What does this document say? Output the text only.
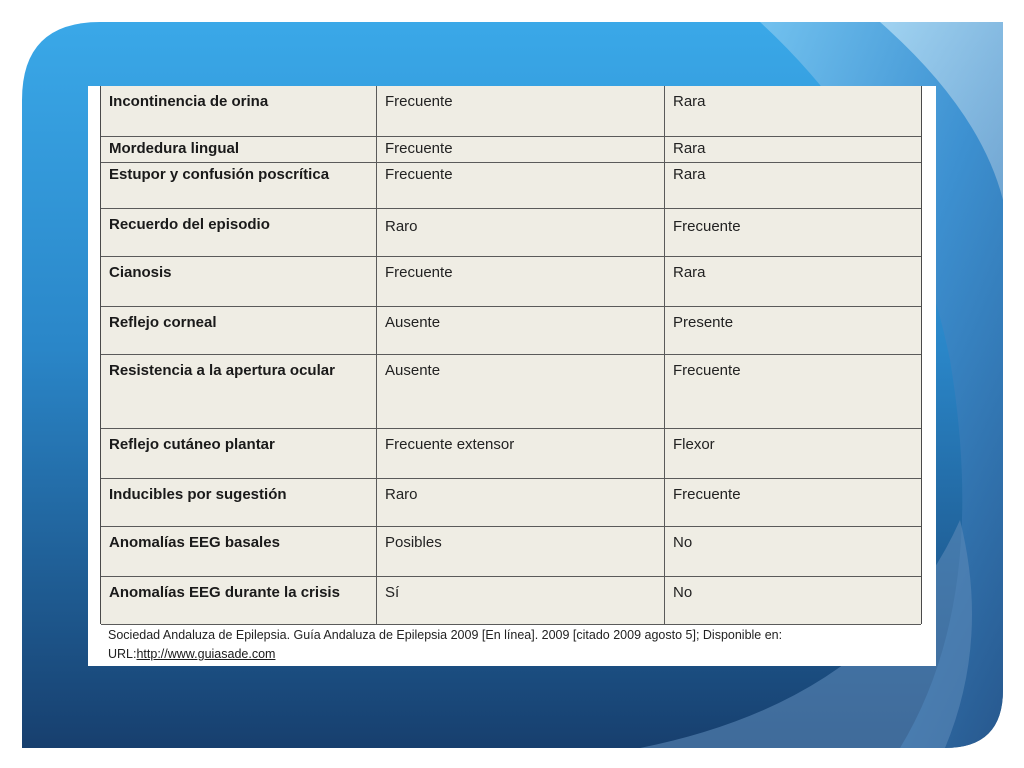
Incontinencia de orina	Frecuente	Rara
Mordedura lingual	Frecuente	Rara
Estupor y confusión poscrítica	Frecuente	Rara
Recuerdo del episodio	Raro	Frecuente
Cianosis	Frecuente	Rara
Reflejo corneal	Ausente	Presente
Resistencia a la apertura ocular	Ausente	Frecuente
Reflejo cutáneo plantar	Frecuente extensor	Flexor
Inducibles por sugestión	Raro	Frecuente
Anomalías EEG basales	Posibles	No
Anomalías EEG durante la crisis	Sí	No
Sociedad Andaluza de Epilepsia. Guía Andaluza de Epilepsia 2009 [En línea]. 2009 [citado 2009 agosto 5]; Disponible en: URL:http://www.guiasade.com
